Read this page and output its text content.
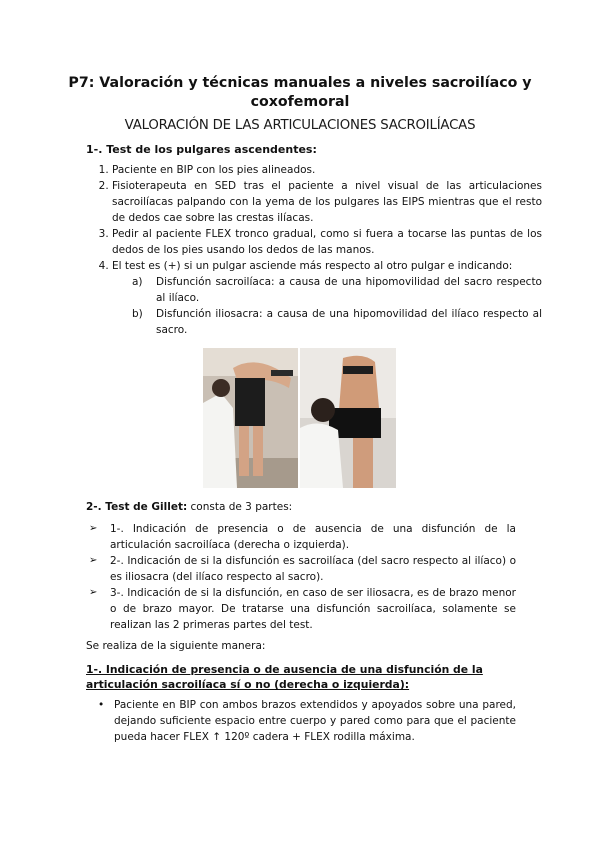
P7: Valoración y técnicas manuales a niveles sacroilíaco y coxofemoral
VALORACIÓN DE LAS ARTICULACIONES SACROILÍACAS
1-. Test de los pulgares ascendentes:
1. Paciente en BIP con los pies alineados.
2. Fisioterapeuta en SED tras el paciente a nivel visual de las articulaciones sacroilíacas palpando con la yema de los pulgares las EIPS mientras que el resto de dedos cae sobre las crestas ilíacas.
3. Pedir al paciente FLEX tronco gradual, como si fuera a tocarse las puntas de los dedos de los pies usando los dedos de las manos.
4. El test es (+) si un pulgar asciende más respecto al otro pulgar e indicando:
a) Disfunción sacroilíaca: a causa de una hipomovilidad del sacro respecto al ilíaco.
b) Disfunción iliosacra: a causa de una hipomovilidad del ilíaco respecto al sacro.
2-. Test de Gillet: consta de 3 partes:
➢ 1-. Indicación de presencia o de ausencia de una disfunción de la articulación sacroilíaca (derecha o izquierda).
➢ 2-. Indicación de si la disfunción es sacroilíaca (del sacro respecto al ilíaco) o es iliosacra (del ilíaco respecto al sacro).
➢ 3-. Indicación de si la disfunción, en caso de ser iliosacra, es de brazo menor o de brazo mayor. De tratarse una disfunción sacroilíaca, solamente se realizan las 2 primeras partes del test.
Se realiza de la siguiente manera:
1-. Indicación de presencia o de ausencia de una disfunción de la articulación sacroilíaca sí o no (derecha o izquierda):
• Paciente en BIP con ambos brazos extendidos y apoyados sobre una pared, dejando suficiente espacio entre cuerpo y pared como para que el paciente pueda hacer FLEX ↑ 120º cadera + FLEX rodilla máxima.
